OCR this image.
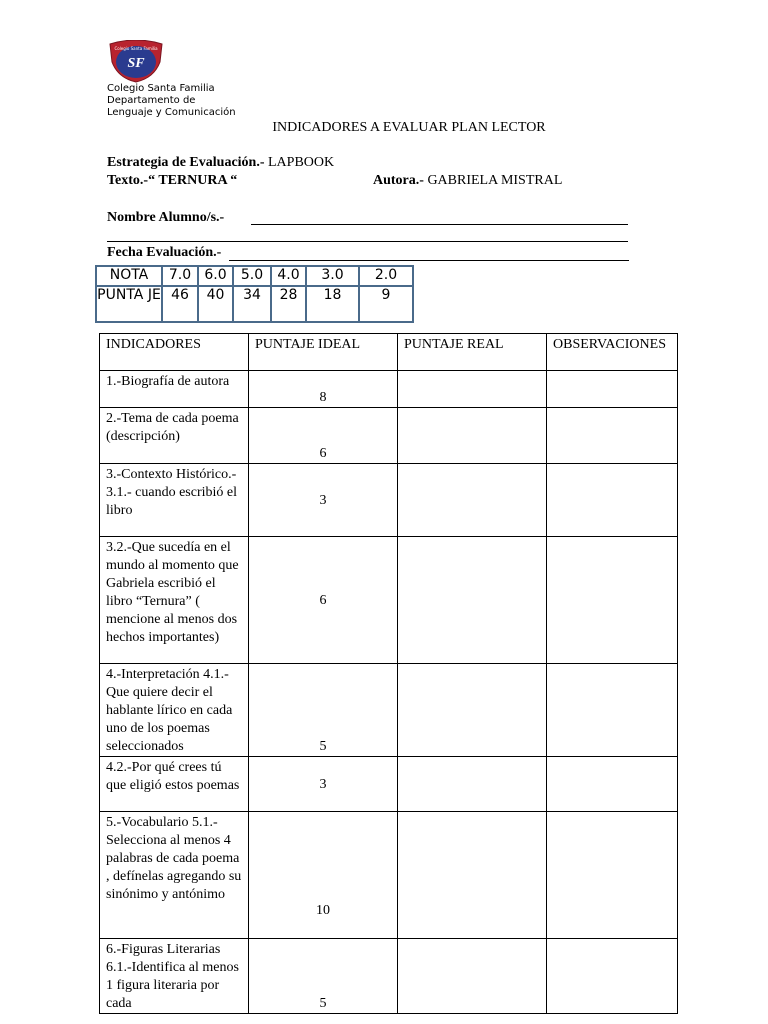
SF
Colegio Santa Familia
Colegio Santa Familia
Departamento de
Lenguaje y Comunicación
INDICADORES A EVALUAR PLAN LECTOR
Estrategia de Evaluación.- LAPBOOK
Texto.-“ TERNURA “	Autora.- GABRIELA MISTRAL
Nombre Alumno/s.-
Fecha Evaluación.-
NOTA	7.0	6.0	5.0	4.0	3.0	2.0
PUNTA JE	46	40	34	28	18	9
INDICADORES	PUNTAJE IDEAL	PUNTAJE REAL	OBSERVACIONES
1.-Biografía de autora	8		
2.-Tema de cada poema (descripción)	6		
3.-Contexto Histórico.- 3.1.- cuando escribió el libro	3		
3.2.-Que sucedía en el mundo al momento que Gabriela escribió el libro “Ternura” ( mencione al menos dos hechos importantes)	6		
4.-Interpretación 4.1.- Que quiere decir el hablante lírico en cada uno de los poemas seleccionados	5		
4.2.-Por qué crees tú que eligió estos poemas	3		
5.-Vocabulario 5.1.-Selecciona al menos 4 palabras de cada poema , defínelas agregando su sinónimo y antónimo	10		
6.-Figuras Literarias 6.1.-Identifica al menos 1 figura literaria por cada	5		
